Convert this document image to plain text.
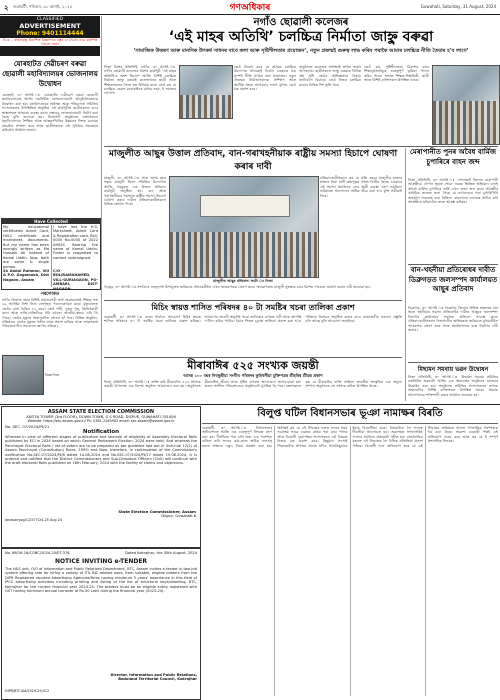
২	গুৱাহাটী, শনিবাৰ, ৩১ আগষ্ট, ২০২৪	গণঅধিকাৰ	Guwahati, Saturday, 31 August, 2024
CLASSIFIED
ADVERTISEMENT
Phone: 9401114444
বি.দ্ৰ. - ৰুদ্ৰতত্ত্ব প্ৰকাশিত বিজ্ঞাপনৰ বস্তুৰ বা সেৱাৰ বাবে কৰ্তৃপক্ষ দায়বদ্ধ নহয়।
যোৰহাটত দেৱীচৰণ বৰুৱা ছোৱালী মহাবিদ্যালয়ৰ ভোজনালয় উদ্বোধন
যোৰহাট, ৩০ আগষ্ট ঃ যোৰহাটৰ দেৱীচৰণ বৰুৱা ছোৱালী মহাবিদ্যালয়ত আজি নৱনিৰ্মিত ভোজনালয়টো আনুষ্ঠানিকভাৱে উদ্বোধন কৰা হয়। মহাবিদ্যালয়ৰ অধ্যক্ষা আৰু পৰিচালনা সমিতিৰ সদস্যসকলৰ উপস্থিতিত অনুষ্ঠিত এই কাৰ্যসূচীত ছাত্ৰীসকলৰ বাবে স্বাস্থ্যসন্মত আহাৰৰ ব্যৱস্থা কৰাৰ লক্ষ্যৰে ভোজনালয়টো নিৰ্মাণ কৰা হৈছে বুলি জনোৱা হয়। উদ্বোধনী অনুষ্ঠানত বক্তাসকলে মহাবিদ্যালয়ৰ শৈক্ষিক আৰু আন্তঃগাঁথনিৰ উন্নয়নৰ দিশত চলোৱা প্ৰচেষ্টাৰ প্ৰশংসা কৰে আৰু ছাত্ৰীসকলক এই সুবিধাৰ সদ্ব্যৱহাৰ কৰিবলৈ আহ্বান জনায়।
Have Collected
My educational certificates Admit Card, HSLC certificate and marksheet, documents. But my name has been wrongly written as Md Hussain Ali instead of Kamal Uddin. Now, both are same & single person.
Sk Abdul Rahman, Vill & P.O. Gogamukh, Dist Nagaon, Assam
I have lost the H.S. Marksheet, Admit Card & Registration card. Roll-0000 No-0000 of 2022 AHSEC. Bearing the name of Kamal Uddin, Finder is requested to contact undersigned.
C/O BOLIRAMAHAMED, VILL-GURIAGAON, PO-AMBARI, DIST-NAGAON
পৰলোকত
নগাঁও জিলাৰ ৰহাৰ বিশিষ্ট সমাজসেৱী তথা অৱসৰপ্ৰাপ্ত শিক্ষক গত ২৯ আগষ্টৰ নিশা নিজ বাসগৃহত পৰলোকগমন কৰে। মৃত্যুকালত তেওঁৰ বয়স হৈছিল ৮২ বছৰ। তেওঁ পত্নী, দুজন পুত্ৰ, তিনিগৰাকী কন্যা আৰু নাতি-নাতিনীকে ধৰি বহুতো আত্মীয়-স্বজন এৰি থৈ গৈছে। তেওঁৰ মৃত্যুত অঞ্চলটোত শোকৰ ছাঁ পৰে। বিভিন্ন অনুষ্ঠান-প্ৰতিষ্ঠানে তেওঁৰ মৃত্যুত গভীৰ শোক প্ৰকাশ কৰিছে আৰু শোকসন্তপ্ত পৰিয়ালবৰ্গলৈ সমবেদনা জ্ঞাপন কৰিছে।
বিজ্ঞাপনঃ
নগাঁও ছোৱালী কলেজৰ
‘এই মাহৰ অতিথি’ চলচ্চিত্ৰ নিৰ্মাতা জাহ্নু বৰুৱা
‘সামাজিক উত্তৰণ আৰু মানসিক উৎকৰ্ষ সাধনৰ বাবে কলা আৰু সৃষ্টিশীলতাৰ প্ৰয়োজন’, নতুন প্ৰজন্মই গুৰুত্ব লাভ কৰিব পৰাকৈ আমাৰ চলচ্চিত্ৰ নীতি তৈয়াৰ হ’ব লাগে’
নিজা বিশেষ প্ৰতিনিধি, নগাঁও, ৩০ আগষ্ট ঃ নগাঁও ছোৱালী কলেজৰ বিশেষ কাৰ্যসূচী ‘এই মাহৰ অতিথি’ৰ অংশ হিচাপে আজি বিশিষ্ট চলচ্চিত্ৰ নিৰ্মাতা জাহ্নু বৰুৱাই কলেজখনৰ ছাত্ৰী আৰু শিক্ষকসকলৰ সৈতে মত বিনিময় কৰে। তেওঁ কয় যে চলচ্চিত্ৰ কেৱল মনোৰঞ্জনৰ মাধ্যম নহয়, ই সমাজৰ দাপোণ।
তেওঁ উল্লেখ কৰে যে অসমৰ চলচ্চিত্ৰ উদ্যোগক আগুৱাই নিবলৈ চৰকাৰে এক সুস্পষ্ট নীতি প্ৰণয়ন কৰা প্ৰয়োজন। নতুন প্ৰজন্মৰ নিৰ্মাতাসকলক প্ৰশিক্ষণ আৰু আৰ্থিক সহায় আগবঢ়াব লাগে বুলিও তেওঁ মত প্ৰকাশ কৰে।
অনুষ্ঠানত কলেজৰ অধ্যক্ষাই স্বাগত ভাষণ আগবঢ়ায়। ছাত্ৰীসকলে জাহ্নু বৰুৱাক বিভিন্ন প্ৰশ্ন সুধি তেওঁৰ অভিজ্ঞতাৰ বিষয়ে জানিবলৈ বিচাৰে। তেওঁ নিজৰ চলচ্চিত্ৰ যাত্ৰাৰ বিভিন্ন দিশ তুলি ধৰে।
তেওঁ কয়, সৃষ্টিশীলতাৰ বিকাশৰ বাবে শিক্ষানুষ্ঠানসমূহে গুৰুত্বপূৰ্ণ ভূমিকা পালন কৰিব পাৰে। সভাত শিক্ষক-শিক্ষয়িত্ৰী, ছাত্ৰী আৰু বিশিষ্ট ব্যক্তিসকল উপস্থিত থাকে।
মাজুলীত আছুৰ উত্তাল প্ৰতিবাদ, বান-গৰাখহনীয়াক ৰাষ্ট্ৰীয় সমস্যা হিচাপে ঘোষণা কৰাৰ দাবী
মাজুলী, ৩০ আগষ্ট ঃ সাৰা অসম ছাত্ৰ সন্থাৰ মাজুলী জিলা সমিতিৰ উদ্যোগত আজি গড়মূৰত এক উত্তাল প্ৰতিবাদ কাৰ্যসূচী অনুষ্ঠিত হয়। বান আৰু গৰাখহনীয়াৰ সমস্যাক ৰাষ্ট্ৰীয় সমস্যা হিচাপে ঘোষণা কৰাৰ দাবীত প্ৰতিবাদকাৰীসকলে বিভিন্ন শ্লোগান দিয়ে।
প্ৰতিবাদকাৰীসকলে কয় যে প্ৰতি বছৰে মাজুলীৰ হাজাৰ হাজাৰ বিঘা মাটি ব্ৰহ্মপুত্ৰৰ গৰ্ভত বিলীন হৈছে। চৰকাৰে এই সমস্যা সমাধানৰ বাবে স্থায়ী ব্যৱস্থা গ্ৰহণ নকৰিলে ভৱিষ্যতে আন্দোলন অধিক তীব্ৰ কৰা হ’ব বুলি সকীয়াই দিয়ে।
মাজুলীত আছুৰ প্ৰতিবাদ। ফটো ঃ নিজা
গড়মূৰ, ৩০ আগষ্ট ঃ সংগঠনৰ নেতৃবৃন্দই উপায়ুক্তৰ জৰিয়তে প্ৰধানমন্ত্ৰীলৈ এখন স্মাৰকপত্ৰও প্ৰেৰণ কৰে। স্মাৰকপত্ৰত মাজুলী সুৰক্ষাৰ বাবে বিশেষ পেকেজ ঘোষণা কৰাৰ দাবী জনোৱা হয়।
মেৰাপানীত পুনৰ অবৈধ বাৰ্মিজ চুপাৰিৰে বাহন জব্দ
নিজা প্ৰতিনিধি, ৩০ আগষ্ট ঃ গোলাঘাট জিলাৰ মেৰাপানী আৰক্ষীয়ে গোপন সূত্ৰত পোৱা খবৰৰ ভিত্তিত অভিযান চলাই অবৈধ বাৰ্মিজ চুপাৰিৰে ভৰ্তি এখন বাহন জব্দ কৰে। আৰক্ষীৰ প্ৰাথমিক তদন্তত জনা গৈছে যে নগালেণ্ডৰ পৰা চুপাৰিখিনি অসমলৈ সৰবৰাহ কৰা হৈছিল। বাহনখনৰ চালকক আটক কৰি আৰক্ষীয়ে ঘটনাটোৰ তদন্ত আৰম্ভ কৰিছে।
বান-খহনীয়া প্ৰতিৰোধৰ দাবীত ডিব্ৰুগড়ত জলসম্পদ কাৰ্যালয়ত আছুৰ প্ৰতিবাদ
ডিব্ৰুগড়, ৩০ আগষ্ট ঃ ডিব্ৰুগড় জিলাৰ বিভিন্ন অঞ্চলত বান আৰু খহনীয়াৰ সমস্যা প্ৰতিৰোধৰ দাবীত আছুৰে জলসম্পদ বিভাগৰ কাৰ্যালয়ৰ সন্মুখত প্ৰতিবাদ সাব্যস্ত কৰে। প্ৰতিবাদকাৰীসকলে বিভাগটোৰ অভিযন্তাৰ জৰিয়তে মুখ্যমন্ত্ৰীলৈ স্মাৰকপত্ৰ প্ৰেৰণ কৰে আৰু অনতিপলমে বান্ধ নিৰ্মাণৰ দাবী জনায়।
মিছামন সমবায় ভৱন উদ্বোধন
নিজা প্ৰতিনিধি, ৩০ আগষ্ট ঃ মিছামন সমবায় সমিতিৰ নৱনিৰ্মিত ভৱনটো আজি এক অনাড়ম্বৰ অনুষ্ঠানৰ মাজেৰে উদ্বোধন কৰা হয়। অনুষ্ঠানত সমিতিৰ সদস্যসকলৰ লগতে অঞ্চলটোৰ বিশিষ্ট ব্যক্তিসকল উপস্থিত থাকে। সমবায় আন্দোলনক শক্তিশালী কৰাৰ আহ্বান জনোৱা হয়।
মিচিং স্বায়ত্ত শাসিত পৰিষদৰ ৪০ টা সমষ্টিৰ খচৰা তালিকা প্ৰকাশ
গুৱাহাটী, ৩০ আগষ্ট ঃ ৰাজ্য নিৰ্বাচন আয়োগে মিচিং স্বায়ত্ত শাসিত পৰিষদৰ ৪০ টা সমষ্টিৰ খচৰা তালিকা প্ৰকাশ কৰিছে। আয়োগৰ জাননী অনুসৰি খচৰা তালিকাৰ ওপৰত দাবী আৰু আপত্তি দাখিল কৰিব পাৰিব। ইয়াৰ পিছত চূড়ান্ত তালিকা প্ৰকাশ কৰা হ’ব। পৰিষদৰ নিৰ্বাচন অনুষ্ঠিত কৰাৰ বাবে প্ৰয়োজনীয় সকলো প্ৰস্তুতি চলি আছে বুলি আয়োগে জনাইছে।
মীৰাবাঈৰ ৫২৫ সংখ্যক জয়ন্তী
আসন্ন ১০০ বছৰ নিবন্ধুৰীয়া সংগীত পৰিষদৰ কুৰিখনীয়া মুক্তিপত্ৰৰ শ্ৰীহৰিৰ শ্ৰীমন্ত প্ৰকাশ
নিজা প্ৰতিনিধি, ৩০ আগষ্ট ঃ ভক্তি কবি মীৰাবাঈৰ ৫২৫ সংখ্যক জয়ন্তী উপলক্ষে এক বিশেষ অনুষ্ঠান আয়োজন কৰা হয়। অনুষ্ঠানত মীৰাবাঈৰ জীৱন আৰু সৃষ্টিৰ ওপৰত আলোচনা আগবঢ়োৱা হয়। ভজন সংগীত পৰিৱেশনেৰে অনুষ্ঠানটো মুখৰিত হৈ পৰে। বক্তাসকলে কয় যে মীৰাবাঈৰ ভক্তি সাহিত্য ভাৰতীয় সংস্কৃতিৰ এক অমূল্য সম্পদ। অনুষ্ঠানত বহু সংখ্যক ৰাইজ উপস্থিত থাকে।
ASSAM STATE ELECTION COMMISSION
ADITYA TOWER (3rd FLOOR), DOWN TOWN, G.S ROAD, DISPUR, GUWAHATI-781006
Website: https://sec.assam.gov.in/ Ph: 0361-2265902 email: sec-assam@assam.gov.in
No. SEC. 07/2024/Pt/21
Notification
Whereas in view of different stages of publication and shedule of eligibility of Assembly Electoral Rolls published by ECI in 2024 based on which General Parliament Election, 2024 were held; And whereas the Panchayat Electoral Rolls / list of voters are to be prepared as per guideline laid out in Sub-rule 12(2) of Assam Panchayat (Constitution) Rules, 1995; and Now, therefore, in continuation of the Commission's notification No.SEC.07/2024/Pt/8 dated 14.08.2024 and No.SEC.07/2024/Pt/17 dated 19.08.2024, it is ordered and notified that the District Commissioners and Sub-Divisional Officers (Civil) will continue with the draft electoral Rolls published on 16th February, 2024 with the facility of claims and objections.
State Election Commissioner, Assam
Dispur, Guwahati-6
Janasanyog/C/2577/24-25 Aug 24
No. 66/16-16/COBC/2024-25/ET-376	Dated Kokrajhar, the 30th August, 2024
NOTICE INVITING e-TENDER
The H&S unit, O/O of Information and Public Relations Department, BTC, Assam invites e-tender in two-bid system offering rate for hiring a variety of IT& BJC related work, from suitable, eligible bidders from the DIPR Registered reputed Advertising Agencies/firms having minimum 3 years' experience in this field of IPCC advertising activities including printing and listing of the list of structural boys/sheeting. BTC, Kokrajhar for the current financial year 2024-25. The bidders must be an eligible entity registered with GST having minimum annual turnover of Rs.50 Lakh during the financial year (2023-24).
Director, Information and Public Relations, Bodoland Territorial Council, Kokrajhar
DIPR/BTC/Ad/2024-25/412
বিলুপ্ত ঘটিল বিধানসভাৰ ভূঞা নামাক্ষৰ বিৰতি
গুৱাহাটী, ৩০ আগষ্ট ঃ বিধানসভাৰ অধিবেশনত আজি এক গুৰুত্বপূৰ্ণ সিদ্ধান্ত গ্ৰহণ কৰা হয়। দীৰ্ঘদিনৰ পৰা চলি অহা এক পৰম্পৰা বাতিল কৰি সদনৰ কাম-কাজ অধিক ফলপ্ৰসূ কৰাৰ লক্ষ্যৰে নতুন নিয়ম প্ৰৱৰ্তন কৰা হয়। অধ্যক্ষই কয় যে এই সিদ্ধান্তৰ ফলত সদনৰ সময় সৰ্বোত্তম ভাৱে ব্যৱহাৰ কৰিব পৰা যাব। শাসক আৰু বিৰোধী দুয়োপক্ষৰ সদস্যসকলে এই বিষয়ত নিজৰ মত প্ৰকাশ কৰে। কিছুমান সদস্যই সিদ্ধান্তটোক স্বাগতম জনায় যদিও আনকিছুমানে ইয়াৰ বিৰোধিতা কৰে। বিষয়টোক লৈ সদনত দীঘলীয়া আলোচনা হয়। অৱশেষত সংখ্যাগৰিষ্ঠ সদস্যৰ সমৰ্থনত প্ৰস্তাৱটো গৃহীত হয়। ৰাজনৈতিক মহলত এই সিদ্ধান্তক লৈ বিভিন্ন প্ৰতিক্ৰিয়া প্ৰকাশ পাইছে। বিৰোধী দলে অভিযোগ কৰে যে এই সিদ্ধান্তৰ জৰিয়তে সদনত গণতান্ত্ৰিক পৰম্পৰাক খৰ্ব কৰা হৈছে। অৱশ্যে চৰকাৰী পক্ষই এই অভিযোগ নাকচ কৰে আৰু কয় যে ই সম্পূৰ্ণ প্ৰশাসনিক সিদ্ধান্ত।
